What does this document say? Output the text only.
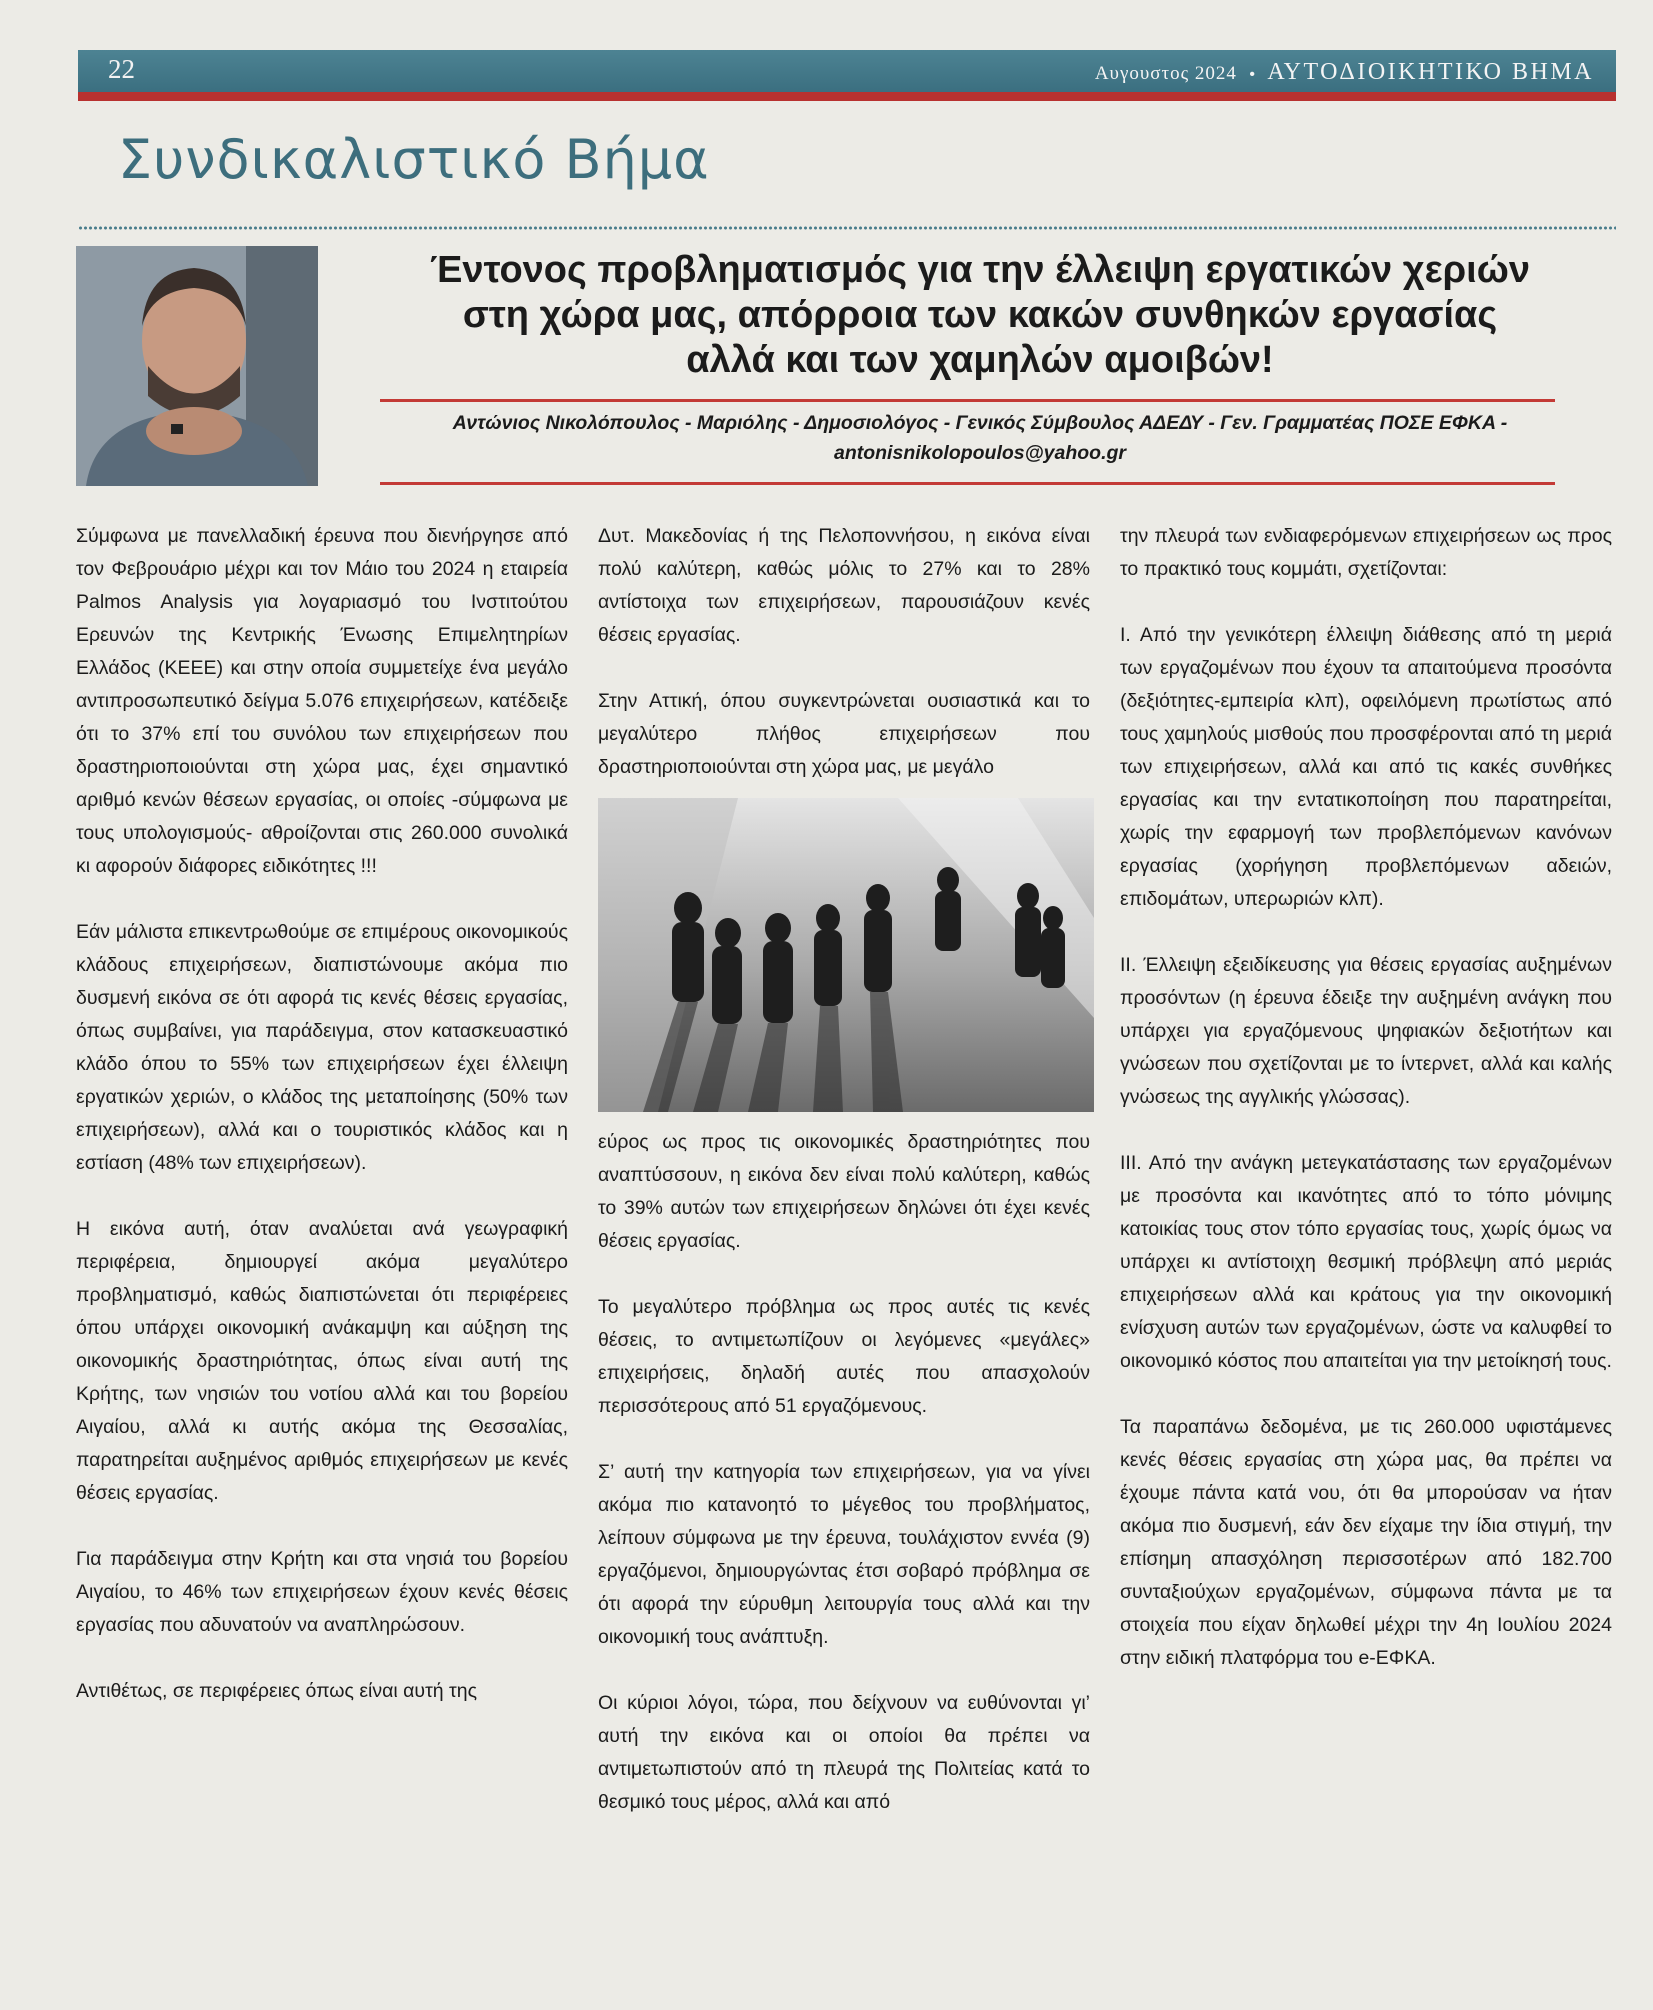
22	Αυγουστος 2024 • ΑΥΤΟΔΙΟΙΚΗΤΙΚΟ ΒΗΜΑ
Συνδικαλιστικό Βήμα
Έντονος προβληματισμός για την έλλειψη εργατικών χεριών
στη χώρα μας, απόρροια των κακών συνθηκών εργασίας
αλλά και των χαμηλών αμοιβών!
Αντώνιος Νικολόπουλος - Μαριόλης - Δημοσιολόγος - Γενικός Σύμβουλος ΑΔΕΔΥ - Γεν. Γραμματέας ΠΟΣΕ ΕΦΚΑ -
antonisnikolopoulos@yahoo.gr

Σύμφωνα με πανελλαδική έρευνα που διενήργησε από τον Φεβρουάριο μέχρι και τον Μάιο του 2024 η εταιρεία Palmos Analysis για λογαριασμό του Ινστιτούτου Ερευνών της Κεντρικής Ένωσης Επιμελητηρίων Ελλάδος (ΚΕΕΕ) και στην οποία συμμετείχε ένα μεγάλο αντιπροσωπευτικό δείγμα 5.076 επιχειρήσεων, κατέδειξε ότι το 37% επί του συνόλου των επιχειρήσεων που δραστηριοποιούνται στη χώρα μας, έχει σημαντικό αριθμό κενών θέσεων εργασίας, οι οποίες -σύμφωνα με τους υπολογισμούς- αθροίζονται στις 260.000 συνολικά κι αφορούν διάφορες ειδικότητες !!!

Εάν μάλιστα επικεντρωθούμε σε επιμέρους οικονομικούς κλάδους επιχειρήσεων, διαπιστώνουμε ακόμα πιο δυσμενή εικόνα σε ότι αφορά τις κενές θέσεις εργασίας, όπως συμβαίνει, για παράδειγμα, στον κατασκευαστικό κλάδο όπου το 55% των επιχειρήσεων έχει έλλειψη εργατικών χεριών, ο κλάδος της μεταποίησης (50% των επιχειρήσεων), αλλά και ο τουριστικός κλάδος και η εστίαση (48% των επιχειρήσεων).

Η εικόνα αυτή, όταν αναλύεται ανά γεωγραφική περιφέρεια, δημιουργεί ακόμα μεγαλύτερο προβληματισμό, καθώς διαπιστώνεται ότι περιφέρειες όπου υπάρχει οικονομική ανάκαμψη και αύξηση της οικονομικής δραστηριότητας, όπως είναι αυτή της Κρήτης, των νησιών του νοτίου αλλά και του βορείου Αιγαίου, αλλά κι αυτής ακόμα της Θεσσαλίας, παρατηρείται αυξημένος αριθμός επιχειρήσεων με κενές θέσεις εργασίας.

Για παράδειγμα στην Κρήτη και στα νησιά του βορείου Αιγαίου, το 46% των επιχειρήσεων έχουν κενές θέσεις εργασίας που αδυνατούν να αναπληρώσουν.

Αντιθέτως, σε περιφέρειες όπως είναι αυτή της

Δυτ. Μακεδονίας ή της Πελοποννήσου, η εικόνα είναι πολύ καλύτερη, καθώς μόλις το 27% και το 28% αντίστοιχα των επιχειρήσεων, παρουσιάζουν κενές θέσεις εργασίας.

Στην Αττική, όπου συγκεντρώνεται ουσιαστικά και το μεγαλύτερο πλήθος επιχειρήσεων που δραστηριοποιούνται στη χώρα μας, με μεγάλο

εύρος ως προς τις οικονομικές δραστηριότητες που αναπτύσσουν, η εικόνα δεν είναι πολύ καλύτερη, καθώς το 39% αυτών των επιχειρήσεων δηλώνει ότι έχει κενές θέσεις εργασίας.

Το μεγαλύτερο πρόβλημα ως προς αυτές τις κενές θέσεις, το αντιμετωπίζουν οι λεγόμενες «μεγάλες» επιχειρήσεις, δηλαδή αυτές που απασχολούν περισσότερους από 51 εργαζόμενους.

Σ’ αυτή την κατηγορία των επιχειρήσεων, για να γίνει ακόμα πιο κατανοητό το μέγεθος του προβλήματος, λείπουν σύμφωνα με την έρευνα, τουλάχιστον εννέα (9) εργαζόμενοι, δημιουργώντας έτσι σοβαρό πρόβλημα σε ότι αφορά την εύρυθμη λειτουργία τους αλλά και την οικονομική τους ανάπτυξη.

Οι κύριοι λόγοι, τώρα, που δείχνουν να ευθύνονται γι’ αυτή την εικόνα και οι οποίοι θα πρέπει να αντιμετωπιστούν από τη πλευρά της Πολιτείας κατά το θεσμικό τους μέρος, αλλά και από

την πλευρά των ενδιαφερόμενων επιχειρήσεων ως προς το πρακτικό τους κομμάτι, σχετίζονται:

Ι. Από την γενικότερη έλλειψη διάθεσης από τη μεριά των εργαζομένων που έχουν τα απαιτούμενα προσόντα (δεξιότητες-εμπειρία κλπ), οφειλόμενη πρωτίστως από τους χαμηλούς μισθούς που προσφέρονται από τη μεριά των επιχειρήσεων, αλλά και από τις κακές συνθήκες εργασίας και την εντατικοποίηση που παρατηρείται, χωρίς την εφαρμογή των προβλεπόμενων κανόνων εργασίας (χορήγηση προβλεπόμενων αδειών, επιδομάτων, υπερωριών κλπ).

ΙΙ. Έλλειψη εξειδίκευσης για θέσεις εργασίας αυξημένων προσόντων (η έρευνα έδειξε την αυξημένη ανάγκη που υπάρχει για εργαζόμενους ψηφιακών δεξιοτήτων και γνώσεων που σχετίζονται με το ίντερνετ, αλλά και καλής γνώσεως της αγγλικής γλώσσας).

ΙΙΙ. Από την ανάγκη μετεγκατάστασης των εργαζομένων με προσόντα και ικανότητες από το τόπο μόνιμης κατοικίας τους στον τόπο εργασίας τους, χωρίς όμως να υπάρχει κι αντίστοιχη θεσμική πρόβλεψη από μεριάς επιχειρήσεων αλλά και κράτους για την οικονομική ενίσχυση αυτών των εργαζομένων, ώστε να καλυφθεί το οικονομικό κόστος που απαιτείται για την μετοίκησή τους.

Τα παραπάνω δεδομένα, με τις 260.000 υφιστάμενες κενές θέσεις εργασίας στη χώρα μας, θα πρέπει να έχουμε πάντα κατά νου, ότι θα μπορούσαν να ήταν ακόμα πιο δυσμενή, εάν δεν είχαμε την ίδια στιγμή, την επίσημη απασχόληση περισσοτέρων από 182.700 συνταξιούχων εργαζομένων, σύμφωνα πάντα με τα στοιχεία που είχαν δηλωθεί μέχρι την 4η Ιουλίου 2024 στην ειδική πλατφόρμα του e-ΕΦΚΑ.
